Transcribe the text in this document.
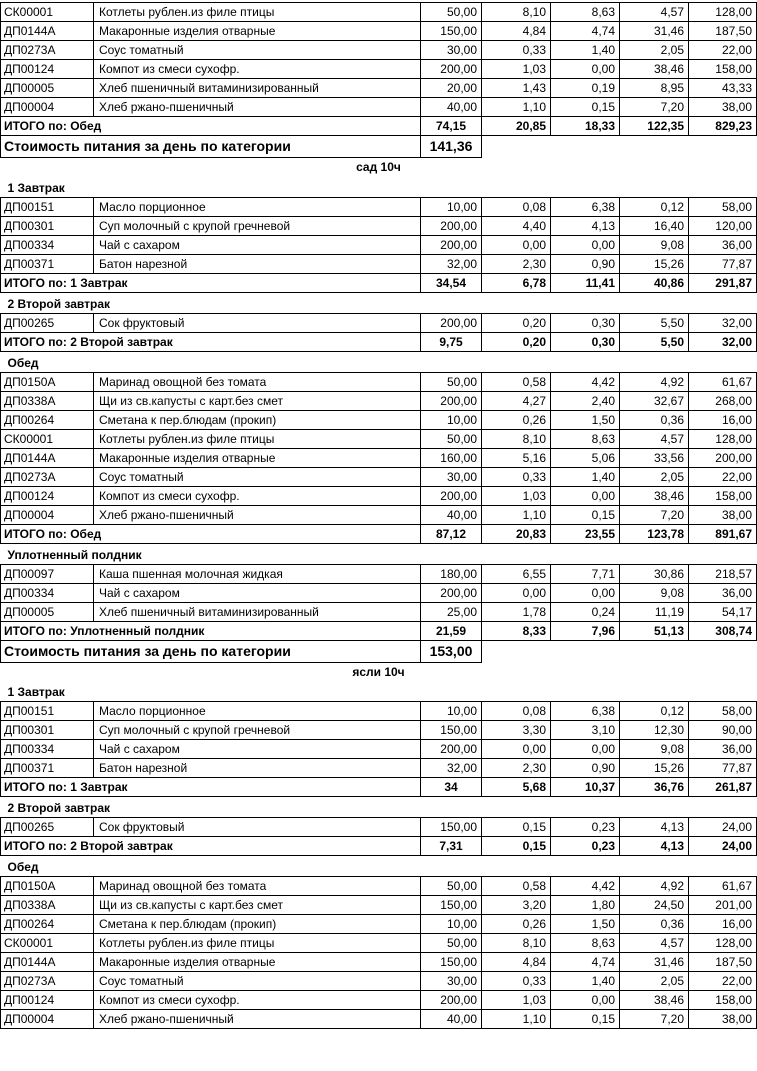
СК00001	Котлеты рублен.из филе птицы	50,00	8,10	8,63	4,57	128,00
ДП0144А	Макаронные изделия отварные	150,00	4,84	4,74	31,46	187,50
ДП0273А	Соус томатный	30,00	0,33	1,40	2,05	22,00
ДП00124	Компот из смеси сухофр.	200,00	1,03	0,00	38,46	158,00
ДП00005	Хлеб пшеничный витаминизированный	20,00	1,43	0,19	8,95	43,33
ДП00004	Хлеб ржано-пшеничный	40,00	1,10	0,15	7,20	38,00
ИТОГО по: Обед		74,15	20,85	18,33	122,35	829,23
Стоимость питания за день по категории		141,36				
сад 10ч						
1 Завтрак						
ДП00151	Масло порционное	10,00	0,08	6,38	0,12	58,00
ДП00301	Суп молочный с крупой гречневой	200,00	4,40	4,13	16,40	120,00
ДП00334	Чай с сахаром	200,00	0,00	0,00	9,08	36,00
ДП00371	Батон нарезной	32,00	2,30	0,90	15,26	77,87
ИТОГО по: 1 Завтрак		34,54	6,78	11,41	40,86	291,87
2 Второй завтрак						
ДП00265	Сок фруктовый	200,00	0,20	0,30	5,50	32,00
ИТОГО по: 2 Второй завтрак		9,75	0,20	0,30	5,50	32,00
Обед						
ДП0150А	Маринад овощной без томата	50,00	0,58	4,42	4,92	61,67
ДП0338А	Щи из св.капусты с карт.без смет	200,00	4,27	2,40	32,67	268,00
ДП00264	Сметана к пер.блюдам (прокип)	10,00	0,26	1,50	0,36	16,00
СК00001	Котлеты рублен.из филе птицы	50,00	8,10	8,63	4,57	128,00
ДП0144А	Макаронные изделия отварные	160,00	5,16	5,06	33,56	200,00
ДП0273А	Соус томатный	30,00	0,33	1,40	2,05	22,00
ДП00124	Компот из смеси сухофр.	200,00	1,03	0,00	38,46	158,00
ДП00004	Хлеб ржано-пшеничный	40,00	1,10	0,15	7,20	38,00
ИТОГО по: Обед		87,12	20,83	23,55	123,78	891,67
Уплотненный полдник						
ДП00097	Каша пшенная молочная жидкая	180,00	6,55	7,71	30,86	218,57
ДП00334	Чай с сахаром	200,00	0,00	0,00	9,08	36,00
ДП00005	Хлеб пшеничный витаминизированный	25,00	1,78	0,24	11,19	54,17
ИТОГО по: Уплотненный полдник		21,59	8,33	7,96	51,13	308,74
Стоимость питания за день по категории		153,00				
ясли 10ч						
1 Завтрак						
ДП00151	Масло порционное	10,00	0,08	6,38	0,12	58,00
ДП00301	Суп молочный с крупой гречневой	150,00	3,30	3,10	12,30	90,00
ДП00334	Чай с сахаром	200,00	0,00	0,00	9,08	36,00
ДП00371	Батон нарезной	32,00	2,30	0,90	15,26	77,87
ИТОГО по: 1 Завтрак		34	5,68	10,37	36,76	261,87
2 Второй завтрак						
ДП00265	Сок фруктовый	150,00	0,15	0,23	4,13	24,00
ИТОГО по: 2 Второй завтрак		7,31	0,15	0,23	4,13	24,00
Обед						
ДП0150А	Маринад овощной без томата	50,00	0,58	4,42	4,92	61,67
ДП0338А	Щи из св.капусты с карт.без смет	150,00	3,20	1,80	24,50	201,00
ДП00264	Сметана к пер.блюдам (прокип)	10,00	0,26	1,50	0,36	16,00
СК00001	Котлеты рублен.из филе птицы	50,00	8,10	8,63	4,57	128,00
ДП0144А	Макаронные изделия отварные	150,00	4,84	4,74	31,46	187,50
ДП0273А	Соус томатный	30,00	0,33	1,40	2,05	22,00
ДП00124	Компот из смеси сухофр.	200,00	1,03	0,00	38,46	158,00
ДП00004	Хлеб ржано-пшеничный	40,00	1,10	0,15	7,20	38,00
